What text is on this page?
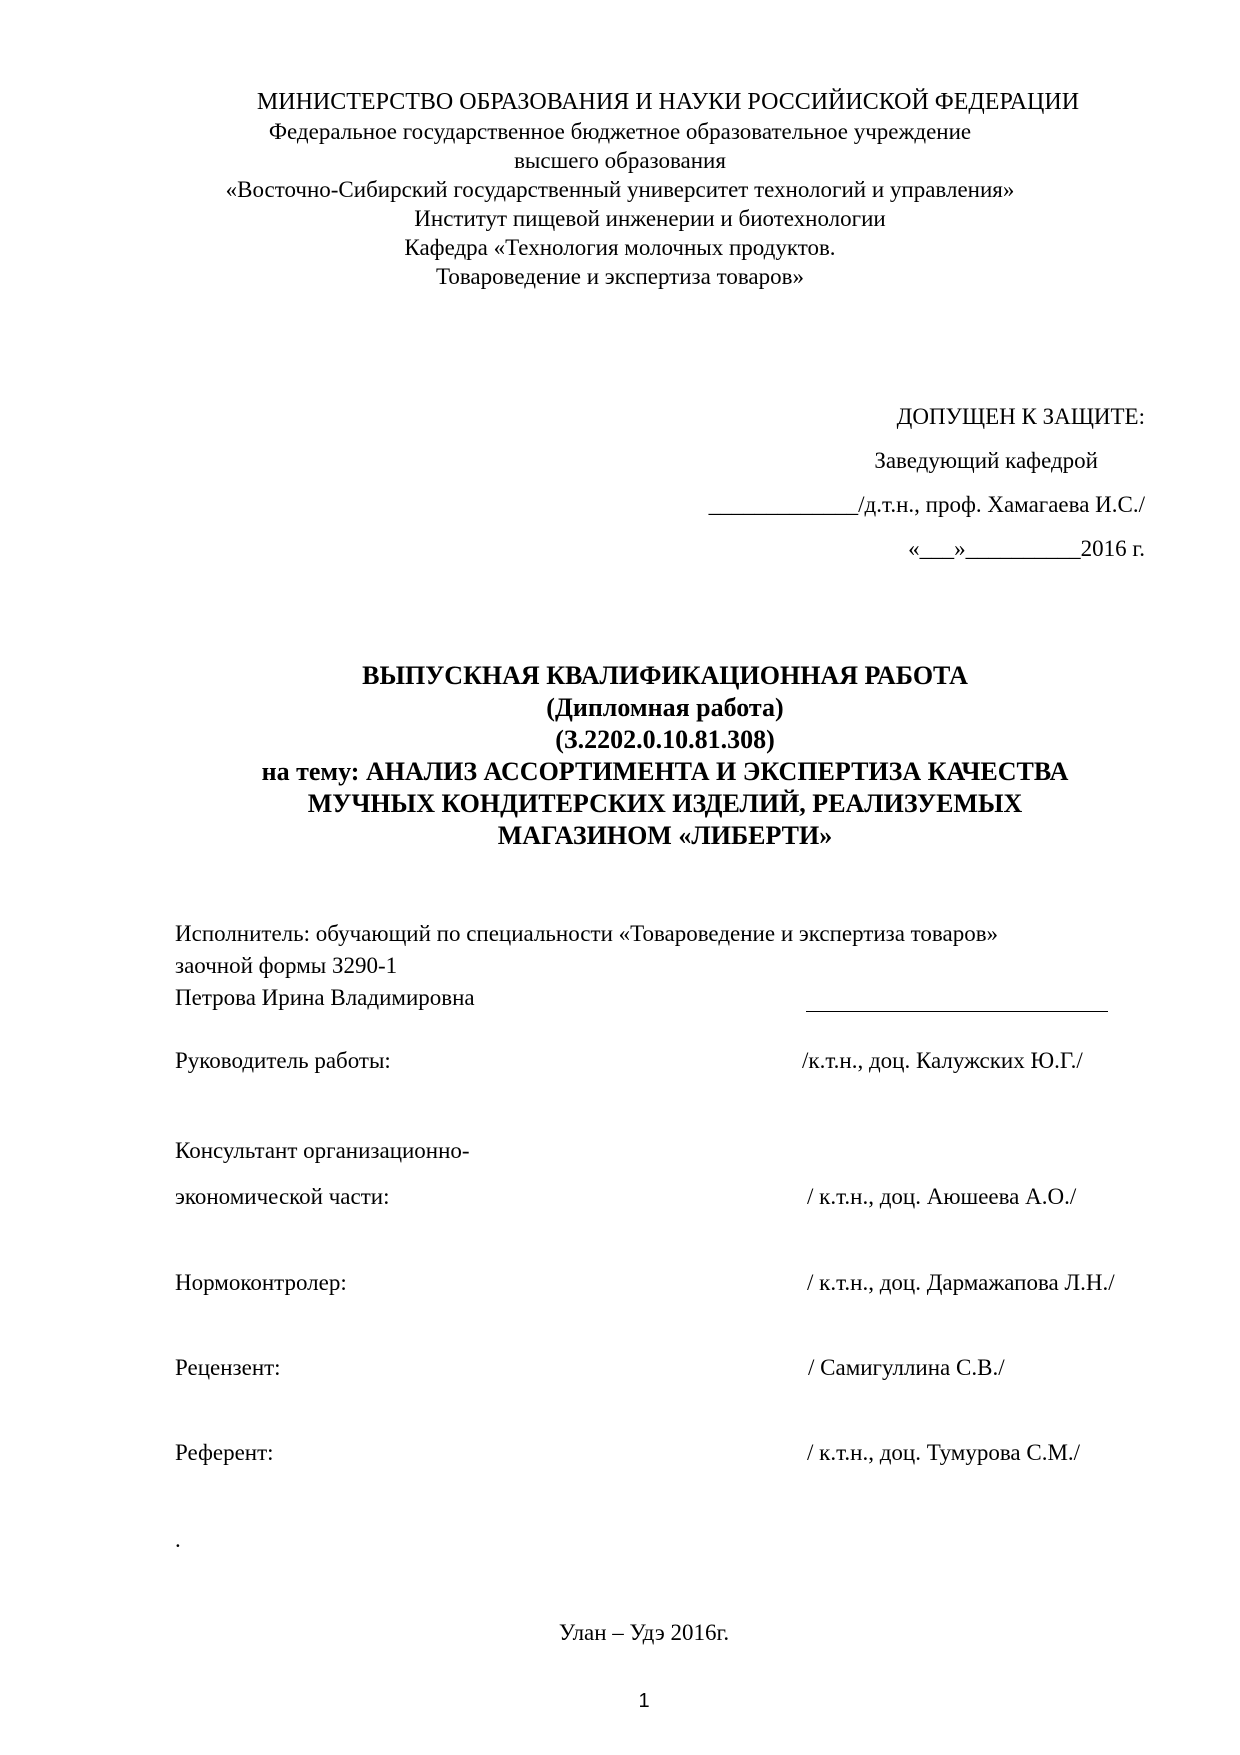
МИНИСТЕРСТВО ОБРАЗОВАНИЯ И НАУКИ РОССИЙИСКОЙ ФЕДЕРАЦИИ
Федеральное государственное бюджетное образовательное учреждение
высшего образования
«Восточно-Сибирский государственный университет технологий и управления»
Институт пищевой инженерии и биотехнологии
Кафедра «Технология молочных продуктов.
Товароведение и экспертиза товаров»
ДОПУЩЕН К ЗАЩИТЕ:
Заведующий кафедрой
_____________/д.т.н., проф. Хамагаева И.С./
«___»__________2016 г.
ВЫПУСКНАЯ КВАЛИФИКАЦИОННАЯ РАБОТА
(Дипломная работа)
(З.2202.0.10.81.308)
на тему: АНАЛИЗ АССОРТИМЕНТА И ЭКСПЕРТИЗА КАЧЕСТВА
МУЧНЫХ КОНДИТЕРСКИХ ИЗДЕЛИЙ, РЕАЛИЗУЕМЫХ
МАГАЗИНОМ «ЛИБЕРТИ»
Исполнитель: обучающий по специальности «Товароведение и экспертиза товаров»
заочной формы З290-1
Петрова Ирина Владимировна
Руководитель работы:	/к.т.н., доц. Калужских Ю.Г./
Консультант организационно-
экономической части:	/ к.т.н., доц. Аюшеева А.О./
Нормоконтролер:	/ к.т.н., доц. Дармажапова Л.Н./
Рецензент:	/ Самигуллина С.В./
Референт:	/ к.т.н., доц. Тумурова С.М./
.
Улан – Удэ 2016г.
1
